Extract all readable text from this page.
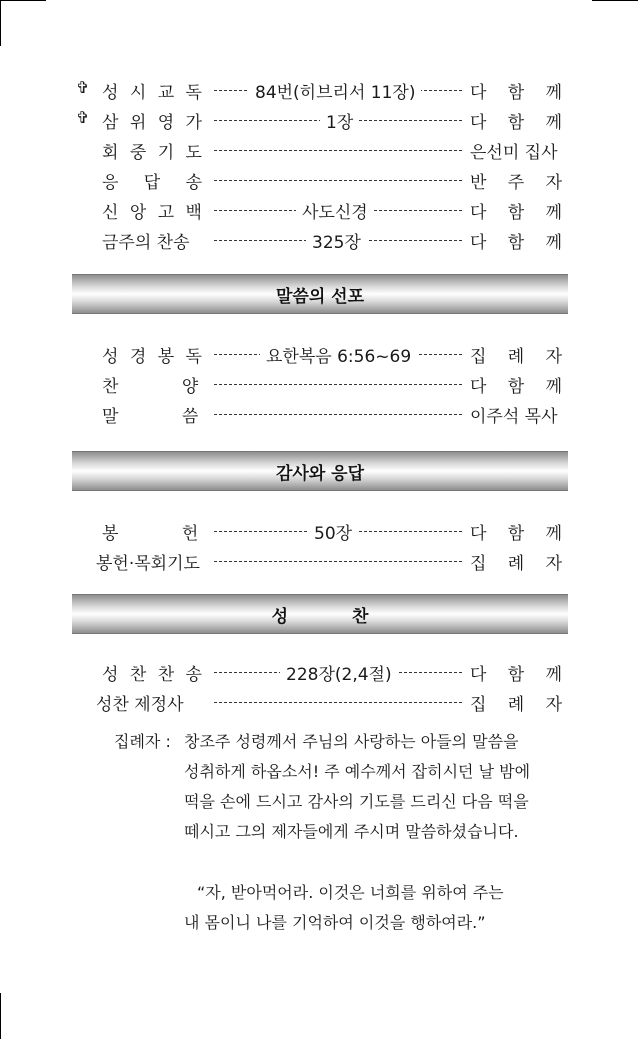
✞ 성 시 교 독	84번(히브리서 11장)	다 함 께
✞ 삼 위 영 가	1장	다 함 께
회 중 기 도	은선미 집사
응 답 송	반 주 자
신 앙 고 백	사도신경	다 함 께
금주의 찬송	325장	다 함 께
말씀의 선포
성 경 봉 독	요한복음 6:56~69	집 례 자
찬 양	다 함 께
말 씀	이주석 목사
감사와 응답
봉 헌	50장	다 함 께
봉헌·목회기도	집 례 자
성 찬
성 찬 찬 송	228장(2,4절)	다 함 께
성찬 제정사	집 례 자
집례자 : 창조주 성령께서 주님의 사랑하는 아들의 말씀을
성취하게 하옵소서! 주 예수께서 잡히시던 날 밤에
떡을 손에 드시고 감사의 기도를 드리신 다음 떡을
떼시고 그의 제자들에게 주시며 말씀하셨습니다.
“자, 받아먹어라. 이것은 너희를 위하여 주는
내 몸이니 나를 기억하여 이것을 행하여라.”
